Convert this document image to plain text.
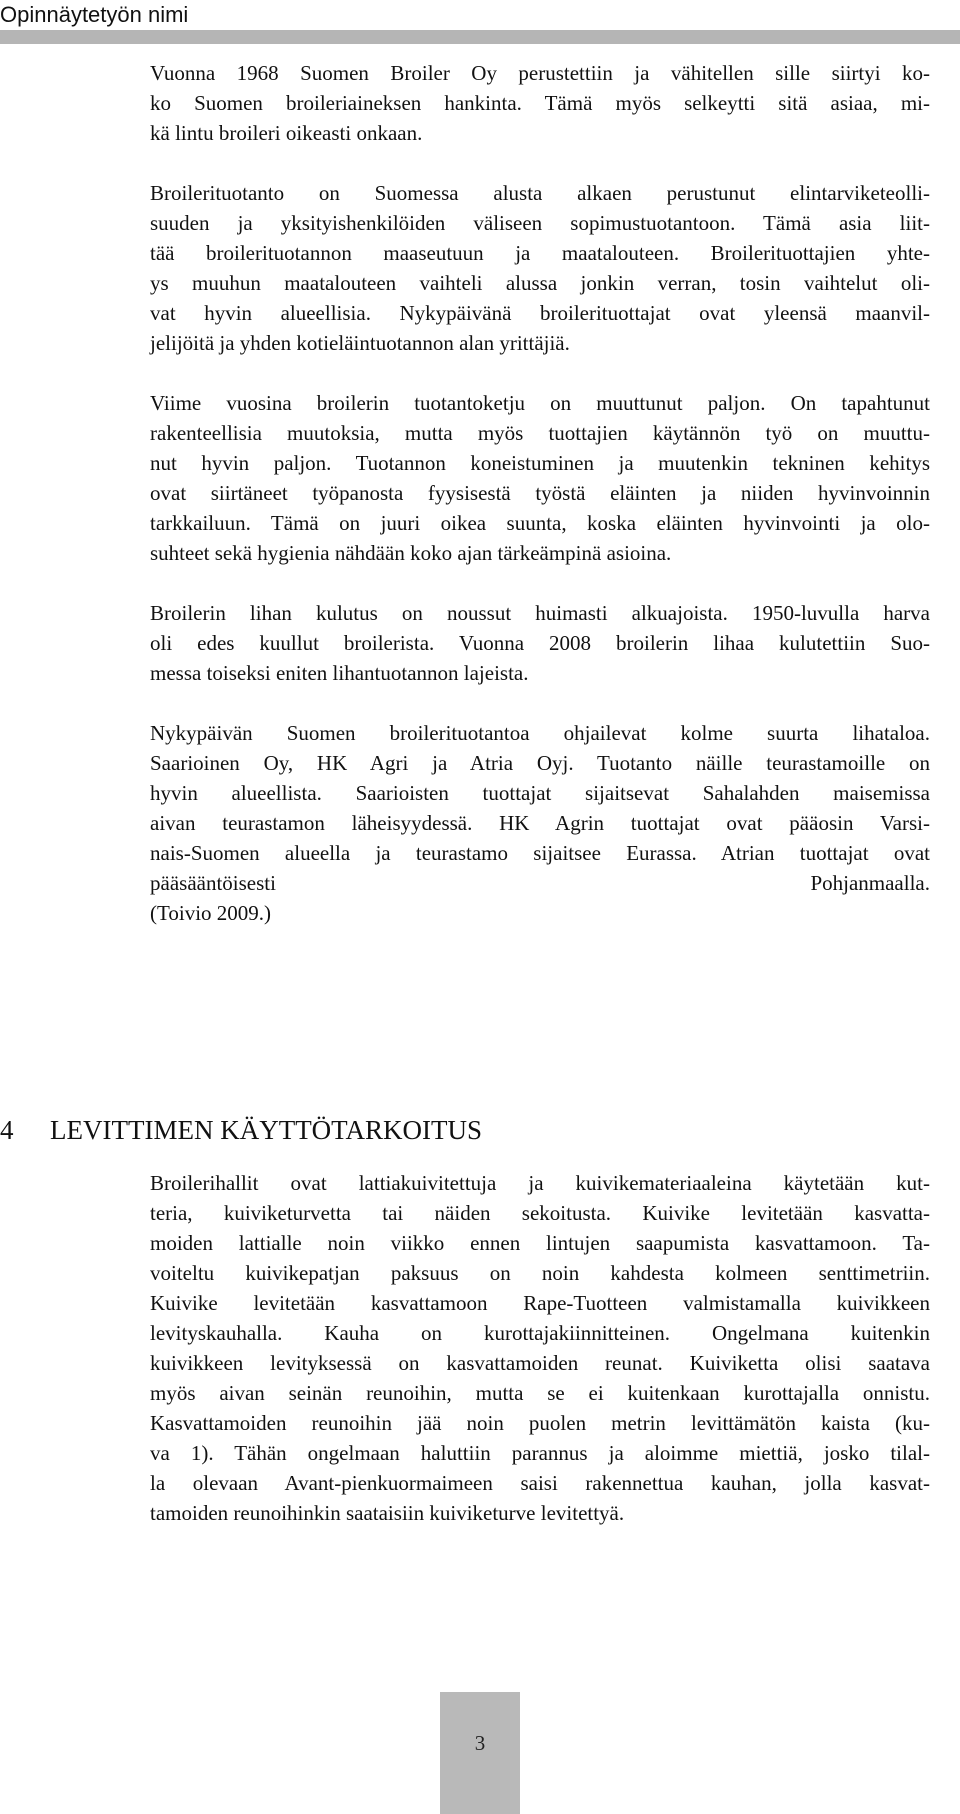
Opinnäytetyön nimi

Vuonna 1968 Suomen Broiler Oy perustettiin ja vähitellen sille siirtyi ko-
ko Suomen broileriaineksen hankinta. Tämä myös selkeytti sitä asiaa, mi-
kä lintu broileri oikeasti onkaan.

Broilerituotanto on Suomessa alusta alkaen perustunut elintarviketeolli-
suuden ja yksityishenkilöiden väliseen sopimustuotantoon. Tämä asia liit-
tää broilerituotannon maaseutuun ja maatalouteen. Broilerituottajien yhte-
ys muuhun maatalouteen vaihteli alussa jonkin verran, tosin vaihtelut oli-
vat hyvin alueellisia. Nykypäivänä broilerituottajat ovat yleensä maanvil-
jelijöitä ja yhden kotieläintuotannon alan yrittäjiä.

Viime vuosina broilerin tuotantoketju on muuttunut paljon. On tapahtunut
rakenteellisia muutoksia, mutta myös tuottajien käytännön työ on muuttu-
nut hyvin paljon. Tuotannon koneistuminen ja muutenkin tekninen kehitys
ovat siirtäneet työpanosta fyysisestä työstä eläinten ja niiden hyvinvoinnin
tarkkailuun. Tämä on juuri oikea suunta, koska eläinten hyvinvointi ja olo-
suhteet sekä hygienia nähdään koko ajan tärkeämpinä asioina.

Broilerin lihan kulutus on noussut huimasti alkuajoista. 1950-luvulla harva
oli edes kuullut broilerista. Vuonna 2008 broilerin lihaa kulutettiin Suo-
messa toiseksi eniten lihantuotannon lajeista.

Nykypäivän Suomen broilerituotantoa ohjailevat kolme suurta lihataloa.
Saarioinen Oy, HK Agri ja Atria Oyj. Tuotanto näille teurastamoille on
hyvin alueellista. Saarioisten tuottajat sijaitsevat Sahalahden maisemissa
aivan teurastamon läheisyydessä. HK Agrin tuottajat ovat pääosin Varsi-
nais-Suomen alueella ja teurastamo sijaitsee Eurassa. Atrian tuottajat ovat
pääsääntöisesti Pohjanmaalla.
(Toivio 2009.)

4 LEVITTIMEN KÄYTTÖTARKOITUS

Broilerihallit ovat lattiakuivitettuja ja kuivikemateriaaleina käytetään kut-
teria, kuiviketurvetta tai näiden sekoitusta. Kuivike levitetään kasvatta-
moiden lattialle noin viikko ennen lintujen saapumista kasvattamoon. Ta-
voiteltu kuivikepatjan paksuus on noin kahdesta kolmeen senttimetriin.
Kuivike levitetään kasvattamoon Rape-Tuotteen valmistamalla kuivikkeen
levityskauhalla. Kauha on kurottajakiinnitteinen. Ongelmana kuitenkin
kuivikkeen levityksessä on kasvattamoiden reunat. Kuiviketta olisi saatava
myös aivan seinän reunoihin, mutta se ei kuitenkaan kurottajalla onnistu.
Kasvattamoiden reunoihin jää noin puolen metrin levittämätön kaista (ku-
va 1). Tähän ongelmaan haluttiin parannus ja aloimme miettiä, josko tilal-
la olevaan Avant-pienkuormaimeen saisi rakennettua kauhan, jolla kasvat-
tamoiden reunoihinkin saataisiin kuiviketurve levitettyä.

3
